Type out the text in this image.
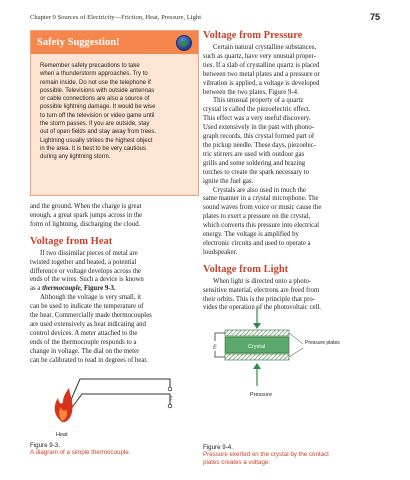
Chapter 9 Sources of Electricity—Friction, Heat, Pressure, Light	75
Safety Suggestion!
Remember safety precautions to take
when a thunderstorm approaches. Try to
remain inside. Do not use the telephone if
possible. Televisions with outside antennas
or cable connections are also a source of
possible lightning damage. It would be wise
to turn off the television or video game until
the storm passes. If you are outside, stay
out of open fields and stay away from trees.
Lightning usually strikes the highest object
in the area. It is best to be very cautious
during any lightning storm.
and the ground. When the charge is great
enough, a great spark jumps across in the
form of lightning, discharging the cloud.
Voltage from Heat
If two dissimilar pieces of metal are
twisted together and heated, a potential
difference or voltage develops across the
ends of the wires. Such a device is known
as a thermocouple, Figure 9-3.
Although the voltage is very small, it
can be used to indicate the temperature of
the heat. Commercially made thermocouples
are used extensively as heat indicating and
control devices. A meter attached to the
ends of the thermocouple responds to a
change in voltage. The dial on the meter
can be calibrated to read in degrees of heat.
Voltage from Pressure
Certain natural crystalline substances,
such as quartz, have very unusual proper-
ties. If a slab of crystalline quartz is placed
between two metal plates and a pressure or
vibration is applied, a voltage is developed
between the two plates, Figure 9-4.
This unusual property of a quartz
crystal is called the piezoelectric effect.
This effect was a very useful discovery.
Used extensively in the past with phono-
graph records, this crystal formed part of
the pickup needle. These days, piezoelec-
tric stirrers are used with outdoor gas
grills and some soldering and brazing
torches to create the spark necessary to
ignite the fuel gas.
Crystals are also used in much the
same manner in a crystal microphone. The
sound waves from voice or music cause the
plates to exert a pressure on the crystal,
which converts this pressure into electrical
energy. The voltage is amplified by
electronic circuits and used to operate a
loudspeaker.
Voltage from Light
When light is directed onto a photo-
sensitive material, electrons are freed from
their orbits. This is the principle that pro-
vides the operation of the photovoltaic cell.
E
Heat
Figure 9-3.
A diagram of a simple thermocouple.
Crystal
E
Pressure plates
Pressure
Figure 9-4.
Pressure exerted on the crystal by the contact
plates creates a voltage.
